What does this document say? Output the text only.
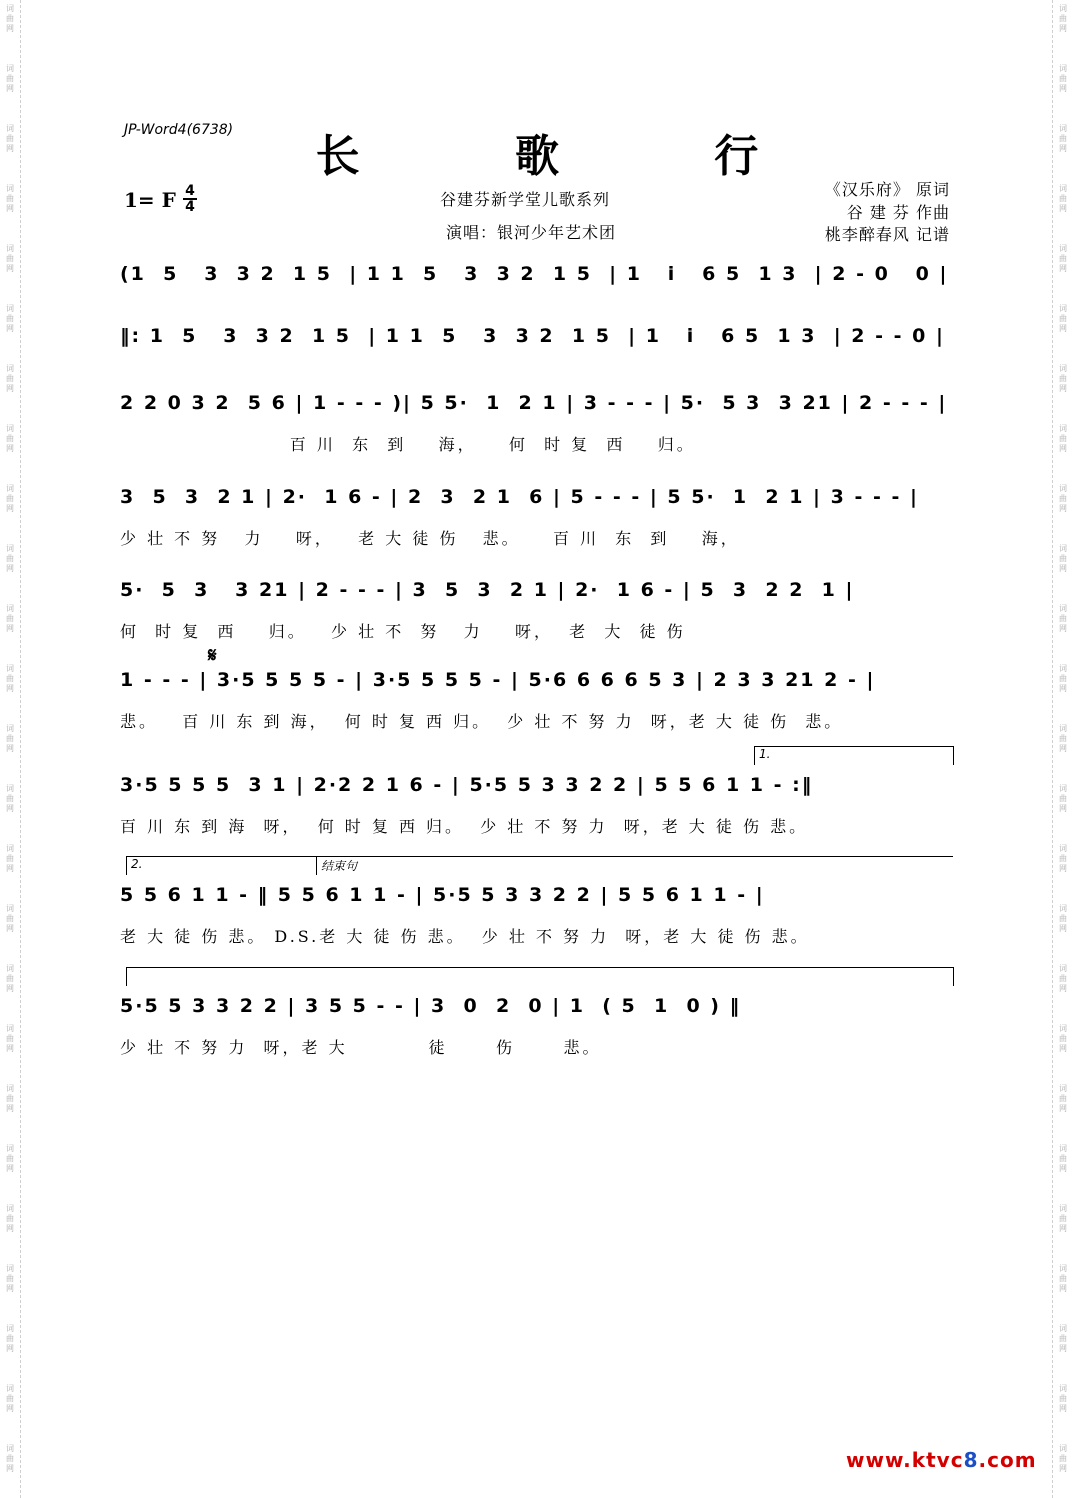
词
曲
网
词
曲
网
词
曲
网
词
曲
网
词
曲
网
词
曲
网
词
曲
网
词
曲
网
词
曲
网
词
曲
网
词
曲
网
词
曲
网
词
曲
网
词
曲
网
词
曲
网
词
曲
网
词
曲
网
词
曲
网
词
曲
网
词
曲
网
词
曲
网
词
曲
网
词
曲
网
词
曲
网
词
曲
网
词
曲
网
词
曲
网
词
曲
网
词
曲
网
词
曲
网
词
曲
网
词
曲
网
词
曲
网
词
曲
网
词
曲
网
词
曲
网
词
曲
网
词
曲
网
词
曲
网
词
曲
网
词
曲
网
词
曲
网
词
曲
网
词
曲
网
词
曲
网
词
曲
网
词
曲
网
词
曲
网
词
曲
网
词
曲
网
JP-Word4(6738)
长 歌 行
1= F 4
4	谷建芬新学堂儿歌系列
演唱：银河少年艺术团
《汉乐府》 原词
谷 建 芬 作曲
桃李醉春风 记谱
(1  5   3  3 2  1 5  | 1 1  5   3  3 2  1 5  | 1   i   6 5  1 3  | 2 - 0   0 |
‖: 1  5   3  3 2  1 5  | 1 1  5   3  3 2  1 5  | 1   i   6 5  1 3  | 2 - - 0 |
2 2 0 3 2  5 6 | 1 - - - )| 5 5·  1  2 1 | 3 - - - | 5·  5 3  3 21 | 2 - - - |
百 川  东  到    海，    何  时 复  西    归。
3  5  3  2 1 | 2·  1 6 - | 2  3  2 1  6 | 5 - - - | 5 5·  1  2 1 | 3 - - - |
少 壮 不 努   力    呀，   老 大 徒 伤   悲。    百 川  东  到    海，
5·  5  3   3 21 | 2 - - - | 3  5  3  2 1 | 2·  1 6 - | 5  3  2 2  1 |
何  时 复  西    归。   少 壮 不  努   力    呀，  老  大  徒 伤
𝄋
1 - - - | 3·5 5 5 5 - | 3·5 5 5 5 - | 5·6 6 6 6 5 3 | 2 3 3 21 2 - |
悲。   百 川 东 到 海，  何 时 复 西 归。  少 壮 不 努 力  呀，老 大 徒 伤  悲。
1.
3·5 5 5 5  3 1 | 2·2 2 1 6 - | 5·5 5 3 3 2 2 | 5 5 6 1 1 - :‖
百 川 东 到 海  呀，  何 时 复 西 归。  少 壮 不 努 力  呀，老 大 徒 伤 悲。
2.	结束句
5 5 6 1 1 - ‖ 5 5 6 1 1 - | 5·5 5 3 3 2 2 | 5 5 6 1 1 - |
老 大 徒 伤 悲。 D.S.老 大 徒 伤 悲。  少 壮 不 努 力  呀，老 大 徒 伤 悲。
5·5 5 3 3 2 2 | 3 5 5 - - | 3  0  2  0 | 1  ( 5  1  0 ) ‖
少 壮 不 努 力  呀，老 大          徒      伤      悲。
www.ktvc8.com
